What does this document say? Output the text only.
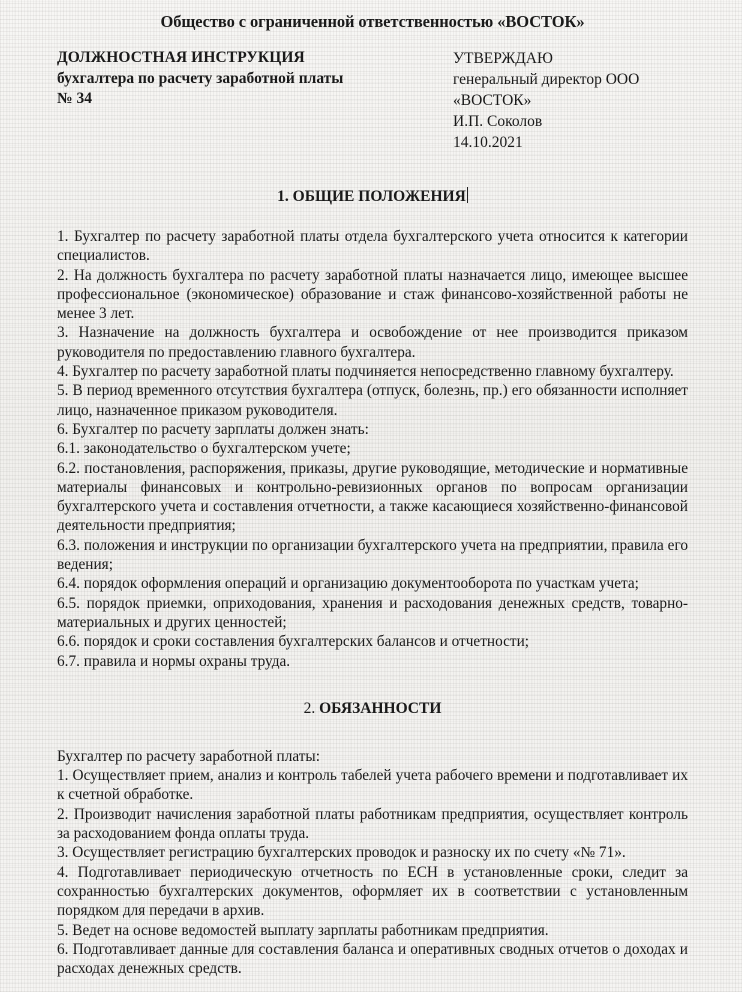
Общество с ограниченной ответственностью «ВОСТОК»
ДОЛЖНОСТНАЯ ИНСТРУКЦИЯ
бухгалтера по расчету заработной платы
№ 34
УТВЕРЖДАЮ
генеральный директор ООО
«ВОСТОК»
И.П. Соколов
14.10.2021
1. ОБЩИЕ ПОЛОЖЕНИЯ

1. Бухгалтер по расчету заработной платы отдела бухгалтерского учета относится к категории специалистов.

2. На должность бухгалтера по расчету заработной платы назначается лицо, имеющее высшее профессиональное (экономическое) образование и стаж финансово-хозяйственной работы не менее 3 лет.

3. Назначение на должность бухгалтера и освобождение от нее производится приказом руководителя по предоставлению главного бухгалтера.

4. Бухгалтер по расчету заработной платы подчиняется непосредственно главному бухгалтеру.

5. В период временного отсутствия бухгалтера (отпуск, болезнь, пр.) его обязанности исполняет лицо, назначенное приказом руководителя.

6. Бухгалтер по расчету зарплаты должен знать:

6.1. законодательство о бухгалтерском учете;

6.2. постановления, распоряжения, приказы, другие руководящие, методические и нормативные материалы финансовых и контрольно-ревизионных органов по вопросам организации бухгалтерского учета и составления отчетности, а также касающиеся хозяйственно-финансовой деятельности предприятия;

6.3. положения и инструкции по организации бухгалтерского учета на предприятии, правила его ведения;

6.4. порядок оформления операций и организацию документооборота по участкам учета;

6.5. порядок приемки, оприходования, хранения и расходования денежных средств, товарно-материальных и других ценностей;

6.6. порядок и сроки составления бухгалтерских балансов и отчетности;

6.7. правила и нормы охраны труда.

2. ОБЯЗАННОСТИ

Бухгалтер по расчету заработной платы:

1. Осуществляет прием, анализ и контроль табелей учета рабочего времени и подготавливает их к счетной обработке.

2. Производит начисления заработной платы работникам предприятия, осуществляет контроль за расходованием фонда оплаты труда.

3. Осуществляет регистрацию бухгалтерских проводок и разноску их по счету «№ 71».

4. Подготавливает периодическую отчетность по ЕСН в установленные сроки, следит за сохранностью бухгалтерских документов, оформляет их в соответствии с установленным порядком для передачи в архив.

5. Ведет на основе ведомостей выплату зарплаты работникам предприятия.

6. Подготавливает данные для составления баланса и оперативных сводных отчетов о доходах и расходах денежных средств.
